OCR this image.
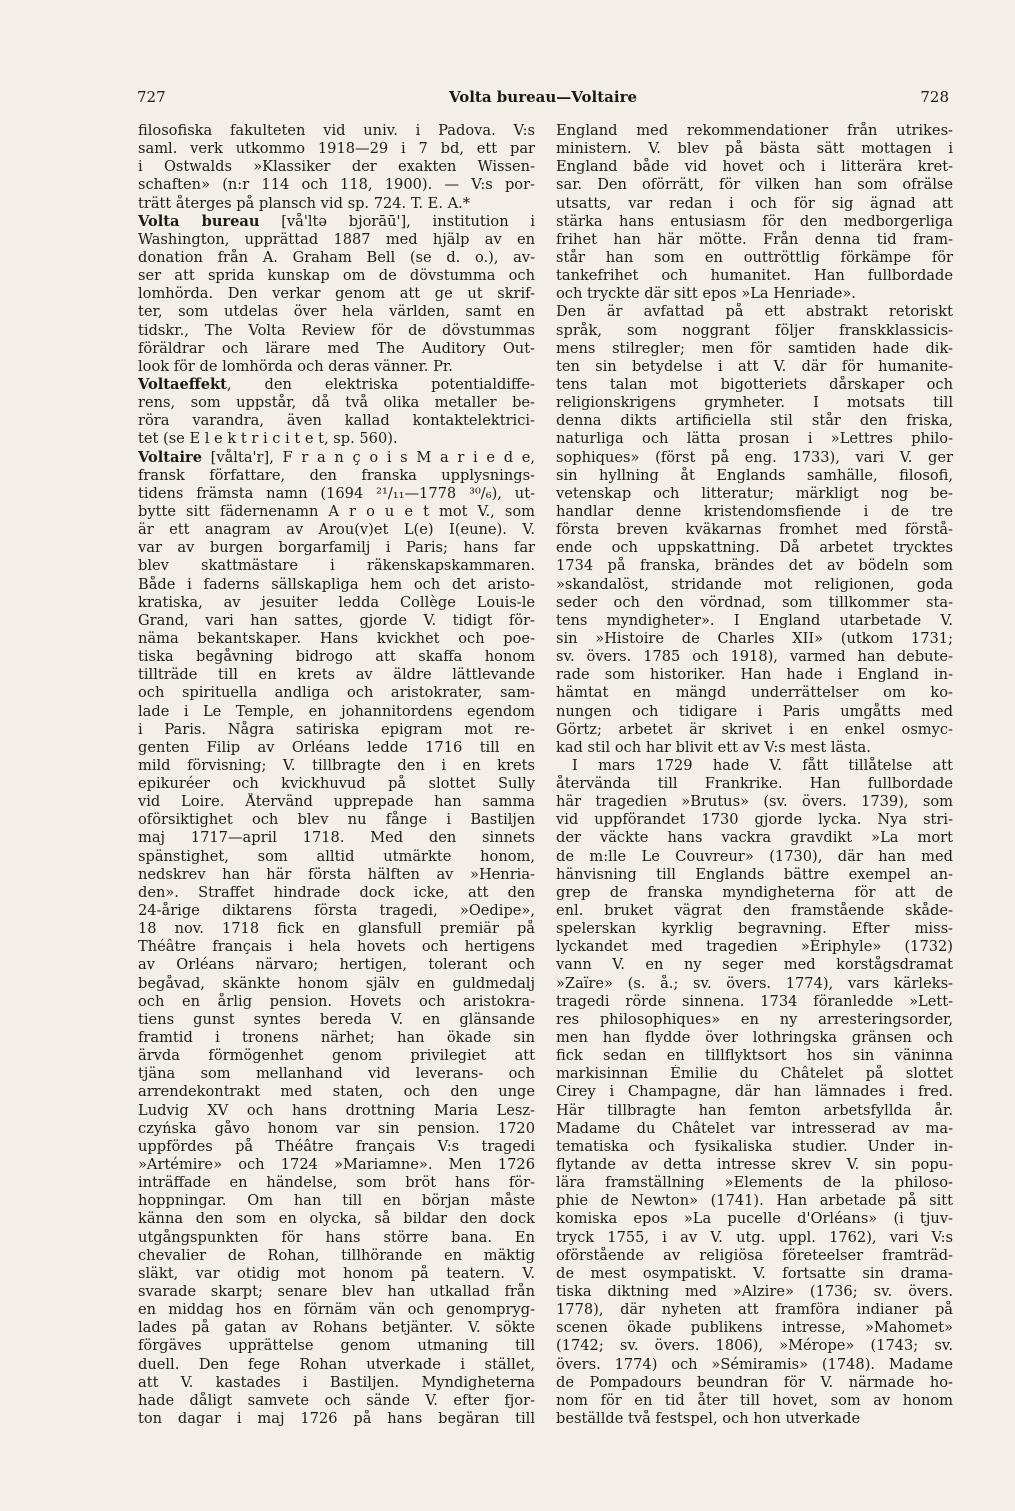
727	Volta bureau—Voltaire	728
filosofiska fakulteten vid univ. i Padova. V:s
saml. verk utkommo 1918—29 i 7 bd, ett par
i Ostwalds »Klassiker der exakten Wissen-
schaften» (n:r 114 och 118, 1900). — V:s por-
trätt återges på plansch vid sp. 724. T. E. A.*
Volta bureau [vå'ltə bjorāū'], institution i
Washington, upprättad 1887 med hjälp av en
donation från A. Graham Bell (se d. o.), av-
ser att sprida kunskap om de dövstumma och
lomhörda. Den verkar genom att ge ut skrif-
ter, som utdelas över hela världen, samt en
tidskr., The Volta Review för de dövstummas
föräldrar och lärare med The Auditory Out-
look för de lomhörda och deras vänner. Pr.
Voltaeffekt, den elektriska potentialdiffe-
rens, som uppstår, då två olika metaller be-
röra varandra, även kallad kontaktelektrici-
tet (se E l e k t r i c i t e t, sp. 560).
Voltaire [vålta'r], F r a n ç o i s M a r i e d e,
fransk författare, den franska upplysnings-
tidens främsta namn (1694 ²¹/₁₁—1778 ³⁰/₆), ut-
bytte sitt fädernenamn A r o u e t mot V., som
är ett anagram av Arou(v)et L(e) I(eune). V.
var av burgen borgarfamilj i Paris; hans far
blev skattmästare i räkenskapskammaren.
Både i faderns sällskapliga hem och det aristo-
kratiska, av jesuiter ledda Collège Louis-le
Grand, vari han sattes, gjorde V. tidigt för-
näma bekantskaper. Hans kvickhet och poe-
tiska begåvning bidrogo att skaffa honom
tillträde till en krets av äldre lättlevande
och spirituella andliga och aristokrater, sam-
lade i Le Temple, en johannitordens egendom
i Paris. Några satiriska epigram mot re-
genten Filip av Orléans ledde 1716 till en
mild förvisning; V. tillbragte den i en krets
epikuréer och kvickhuvud på slottet Sully
vid Loire. Återvänd upprepade han samma
oförsiktighet och blev nu fånge i Bastiljen
maj 1717—april 1718. Med den sinnets
spänstighet, som alltid utmärkte honom,
nedskrev han här första hälften av »Henria-
den». Straffet hindrade dock icke, att den
24-årige diktarens första tragedi, »Oedipe»,
18 nov. 1718 fick en glansfull premiär på
Théâtre français i hela hovets och hertigens
av Orléans närvaro; hertigen, tolerant och
begåvad, skänkte honom själv en guldmedalj
och en årlig pension. Hovets och aristokra-
tiens gunst syntes bereda V. en glänsande
framtid i tronens närhet; han ökade sin
ärvda förmögenhet genom privilegiet att
tjäna som mellanhand vid leverans- och
arrendekontrakt med staten, och den unge
Ludvig XV och hans drottning Maria Lesz-
czyńska gåvo honom var sin pension. 1720
uppfördes på Théâtre français V:s tragedi
»Artémire» och 1724 »Mariamne». Men 1726
inträffade en händelse, som bröt hans för-
hoppningar. Om han till en början måste
känna den som en olycka, så bildar den dock
utgångspunkten för hans större bana. En
chevalier de Rohan, tillhörande en mäktig
släkt, var otidig mot honom på teatern. V.
svarade skarpt; senare blev han utkallad från
en middag hos en förnäm vän och genompryg-
lades på gatan av Rohans betjänter. V. sökte
förgäves upprättelse genom utmaning till
duell. Den fege Rohan utverkade i stället,
att V. kastades i Bastiljen. Myndigheterna
hade dåligt samvete och sände V. efter fjor-
ton dagar i maj 1726 på hans begäran till
England med rekommendationer från utrikes-
ministern. V. blev på bästa sätt mottagen i
England både vid hovet och i litterära kret-
sar. Den oförrätt, för vilken han som ofrälse
utsatts, var redan i och för sig ägnad att
stärka hans entusiasm för den medborgerliga
frihet han här mötte. Från denna tid fram-
står han som en outtröttlig förkämpe för
tankefrihet och humanitet. Han fullbordade
och tryckte där sitt epos »La Henriade».
Den är avfattad på ett abstrakt retoriskt
språk, som noggrant följer franskklassicis-
mens stilregler; men för samtiden hade dik-
ten sin betydelse i att V. där för humanite-
tens talan mot bigotteriets dårskaper och
religionskrigens grymheter. I motsats till
denna dikts artificiella stil står den friska,
naturliga och lätta prosan i »Lettres philo-
sophiques» (först på eng. 1733), vari V. ger
sin hyllning åt Englands samhälle, filosofi,
vetenskap och litteratur; märkligt nog be-
handlar denne kristendomsfiende i de tre
första breven kväkarnas fromhet med förstå-
ende och uppskattning. Då arbetet trycktes
1734 på franska, brändes det av bödeln som
»skandalöst, stridande mot religionen, goda
seder och den vördnad, som tillkommer sta-
tens myndigheter». I England utarbetade V.
sin »Histoire de Charles XII» (utkom 1731;
sv. övers. 1785 och 1918), varmed han debute-
rade som historiker. Han hade i England in-
hämtat en mängd underrättelser om ko-
nungen och tidigare i Paris umgåtts med
Görtz; arbetet är skrivet i en enkel osmyc-
kad stil och har blivit ett av V:s mest lästa.
I mars 1729 hade V. fått tillåtelse att
återvända till Frankrike. Han fullbordade
här tragedien »Brutus» (sv. övers. 1739), som
vid uppförandet 1730 gjorde lycka. Nya stri-
der väckte hans vackra gravdikt »La mort
de m:lle Le Couvreur» (1730), där han med
hänvisning till Englands bättre exempel an-
grep de franska myndigheterna för att de
enl. bruket vägrat den framstående skåde-
spelerskan kyrklig begravning. Efter miss-
lyckandet med tragedien »Ériphyle» (1732)
vann V. en ny seger med korstågsdramat
»Zaïre» (s. å.; sv. övers. 1774), vars kärleks-
tragedi rörde sinnena. 1734 föranledde »Lett-
res philosophiques» en ny arresteringsorder,
men han flydde över lothringska gränsen och
fick sedan en tillflyktsort hos sin väninna
markisinnan Émilie du Châtelet på slottet
Cirey i Champagne, där han lämnades i fred.
Här tillbragte han femton arbetsfyllda år.
Madame du Châtelet var intresserad av ma-
tematiska och fysikaliska studier. Under in-
flytande av detta intresse skrev V. sin popu-
lära framställning »Elements de la philoso-
phie de Newton» (1741). Han arbetade på sitt
komiska epos »La pucelle d'Orléans» (i tjuv-
tryck 1755, i av V. utg. uppl. 1762), vari V:s
oförstående av religiösa företeelser framträd-
de mest osympatiskt. V. fortsatte sin drama-
tiska diktning med »Alzire» (1736; sv. övers.
1778), där nyheten att framföra indianer på
scenen ökade publikens intresse, »Mahomet»
(1742; sv. övers. 1806), »Mérope» (1743; sv.
övers. 1774) och »Sémiramis» (1748). Madame
de Pompadours beundran för V. närmade ho-
nom för en tid åter till hovet, som av honom
beställde två festspel, och hon utverkade
